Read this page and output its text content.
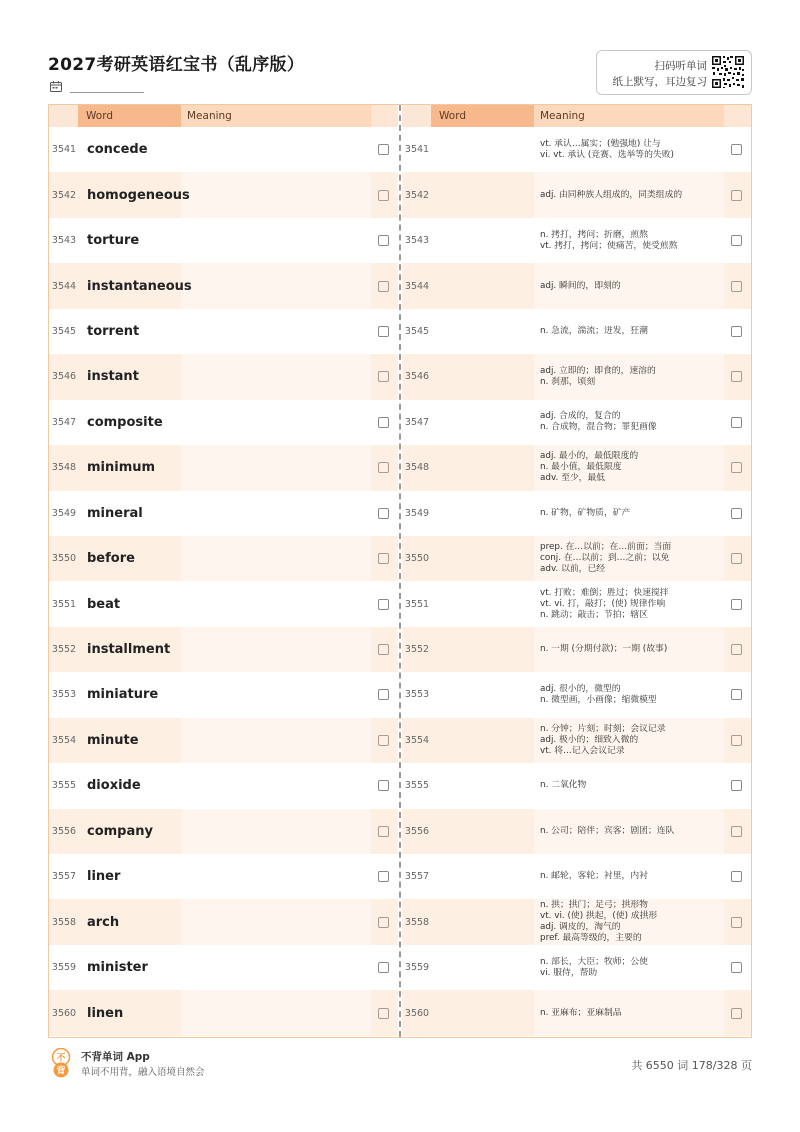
2027考研英语红宝书（乱序版）	扫码听单词
纸上默写，耳边复习
Word	Meaning
3541 concede
3542 homogeneous
3543 torture
3544 instantaneous
3545 torrent
3546 instant
3547 composite
3548 minimum
3549 mineral
3550 before
3551 beat
3552 installment
3553 miniature
3554 minute
3555 dioxide
3556 company
3557 liner
3558 arch
3559 minister
3560 linen
Word	Meaning
3541
vt. 承认…属实；(勉强地) 让与
vi. vt. 承认 (竞赛、选举等的失败)
3542	adj. 由同种族人组成的，同类组成的
3543
n. 拷打，拷问；折磨，煎熬
vt. 拷打，拷问；使痛苦，使受煎熬
3544	adj. 瞬间的，即刻的
3545	n. 急流，湍流；迸发，狂潮
3546
adj. 立即的；即食的，速溶的
n. 刹那，顷刻
3547
adj. 合成的，复合的
n. 合成物，混合物；罪犯画像
3548
adj. 最小的，最低限度的
n. 最小值，最低限度
adv. 至少，最低
3549	n. 矿物，矿物质，矿产
3550
prep. 在…以前；在…前面；当面
conj. 在…以前；到…之前；以免
adv. 以前，已经
3551
vt. 打败；难倒；胜过；快速搅拌
vt. vi. 打，敲打；(使) 规律作响
n. 跳动；敲击；节拍；辖区
3552	n. 一期 (分期付款)；一期 (故事)
3553
adj. 很小的，微型的
n. 微型画，小画像；缩微模型
3554
n. 分钟；片刻；时刻；会议记录
adj. 极小的；细致入微的
vt. 将…记入会议记录
3555	n. 二氧化物
3556	n. 公司；陪伴；宾客；剧团；连队
3557	n. 邮轮，客轮；衬里，内衬
3558
n. 拱；拱门；足弓；拱形物
vt. vi. (使) 拱起，(使) 成拱形
adj. 调皮的，淘气的
pref. 最高等级的，主要的
3559
n. 部长，大臣；牧师；公使
vi. 服侍，帮助
3560	n. 亚麻布；亚麻制品
不
背
不背单词 App
单词不用背，融入语境自然会
共 6550 词 178/328 页
